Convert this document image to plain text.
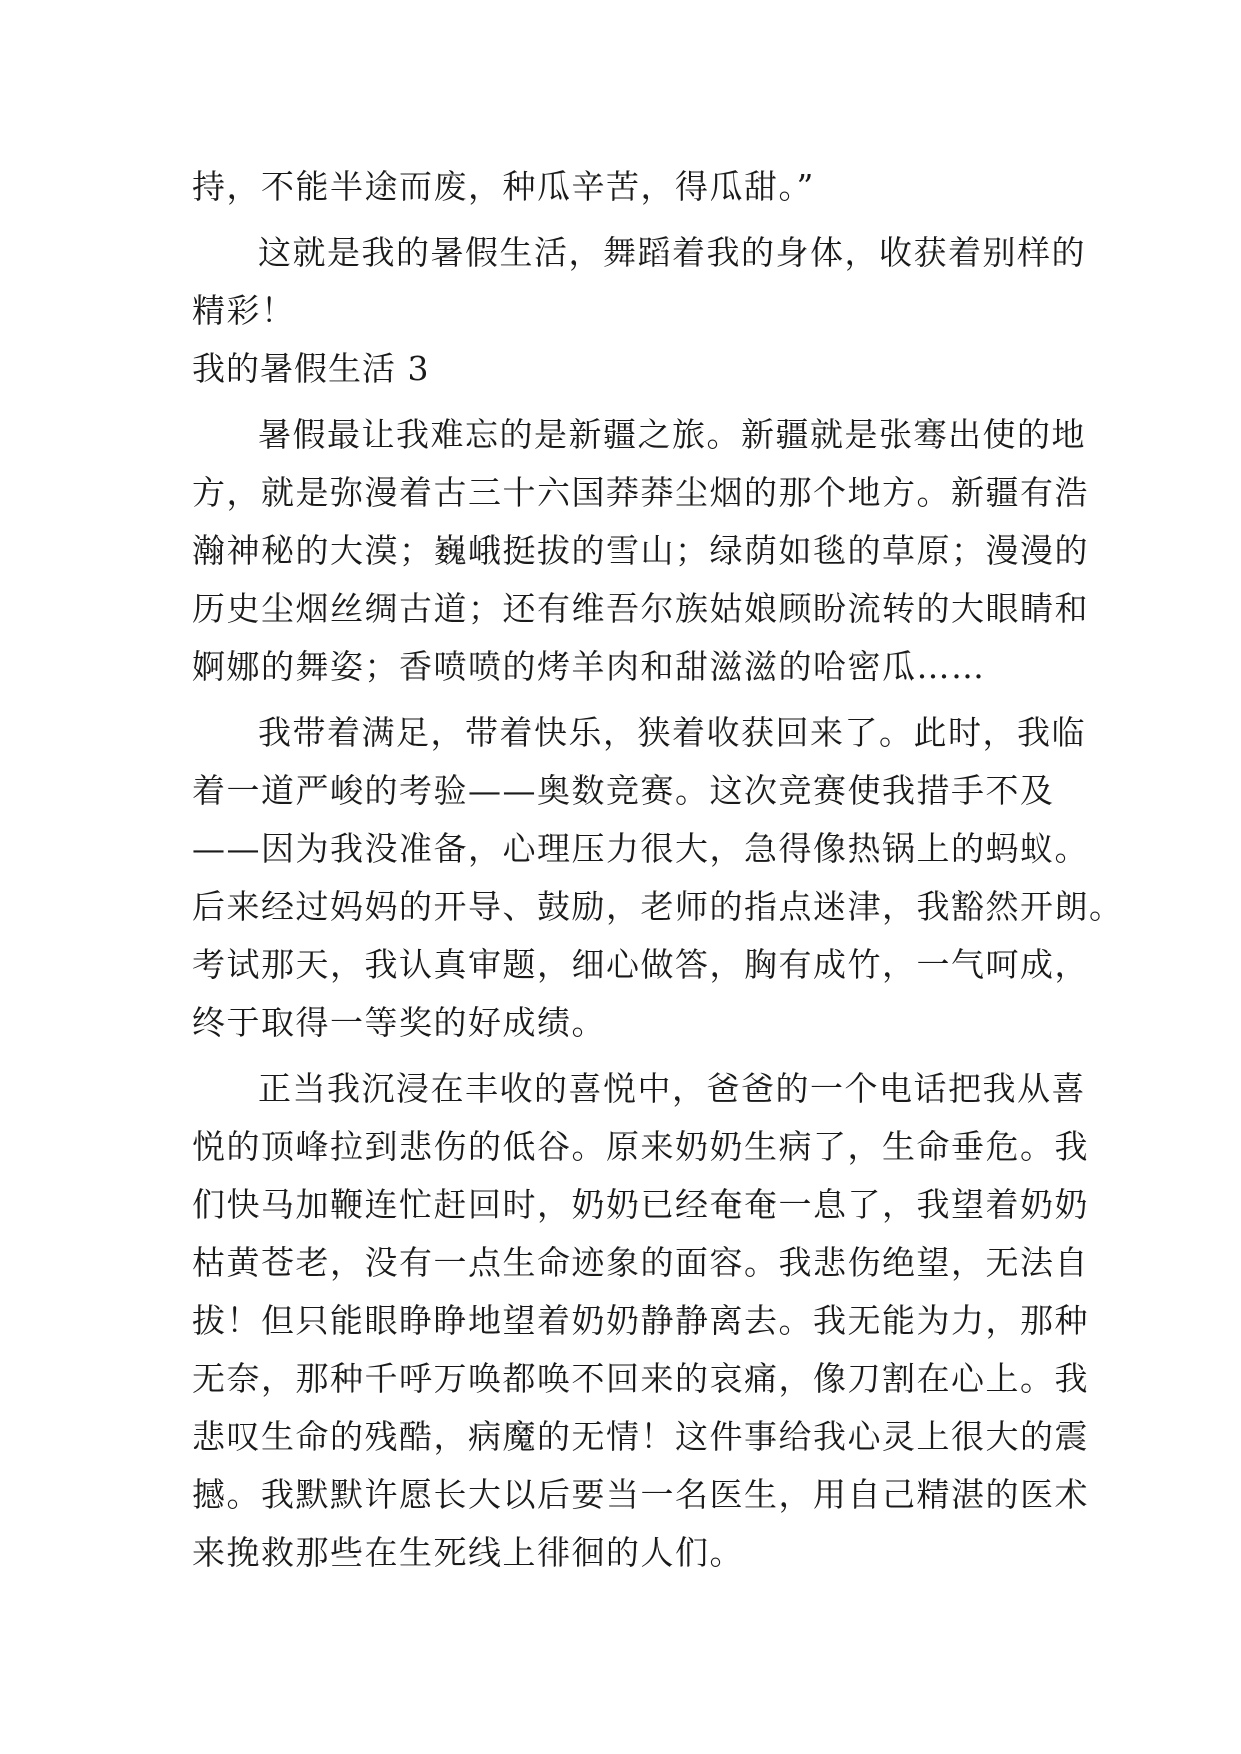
持，不能半途而废，种瓜辛苦，得瓜甜。”
这就是我的暑假生活，舞蹈着我的身体，收获着别样的
精彩！
我的暑假生活 3
暑假最让我难忘的是新疆之旅。新疆就是张骞出使的地
方，就是弥漫着古三十六国莽莽尘烟的那个地方。新疆有浩
瀚神秘的大漠；巍峨挺拔的雪山；绿荫如毯的草原；漫漫的
历史尘烟丝绸古道；还有维吾尔族姑娘顾盼流转的大眼睛和
婀娜的舞姿；香喷喷的烤羊肉和甜滋滋的哈密瓜……
我带着满足，带着快乐，狭着收获回来了。此时，我临
着一道严峻的考验——奥数竞赛。这次竞赛使我措手不及
——因为我没准备，心理压力很大，急得像热锅上的蚂蚁。
后来经过妈妈的开导、鼓励，老师的指点迷津，我豁然开朗。
考试那天，我认真审题，细心做答，胸有成竹，一气呵成，
终于取得一等奖的好成绩。
正当我沉浸在丰收的喜悦中，爸爸的一个电话把我从喜
悦的顶峰拉到悲伤的低谷。原来奶奶生病了，生命垂危。我
们快马加鞭连忙赶回时，奶奶已经奄奄一息了，我望着奶奶
枯黄苍老，没有一点生命迹象的面容。我悲伤绝望，无法自
拔！但只能眼睁睁地望着奶奶静静离去。我无能为力，那种
无奈，那种千呼万唤都唤不回来的哀痛，像刀割在心上。我
悲叹生命的残酷，病魔的无情！这件事给我心灵上很大的震
撼。我默默许愿长大以后要当一名医生，用自己精湛的医术
来挽救那些在生死线上徘徊的人们。
